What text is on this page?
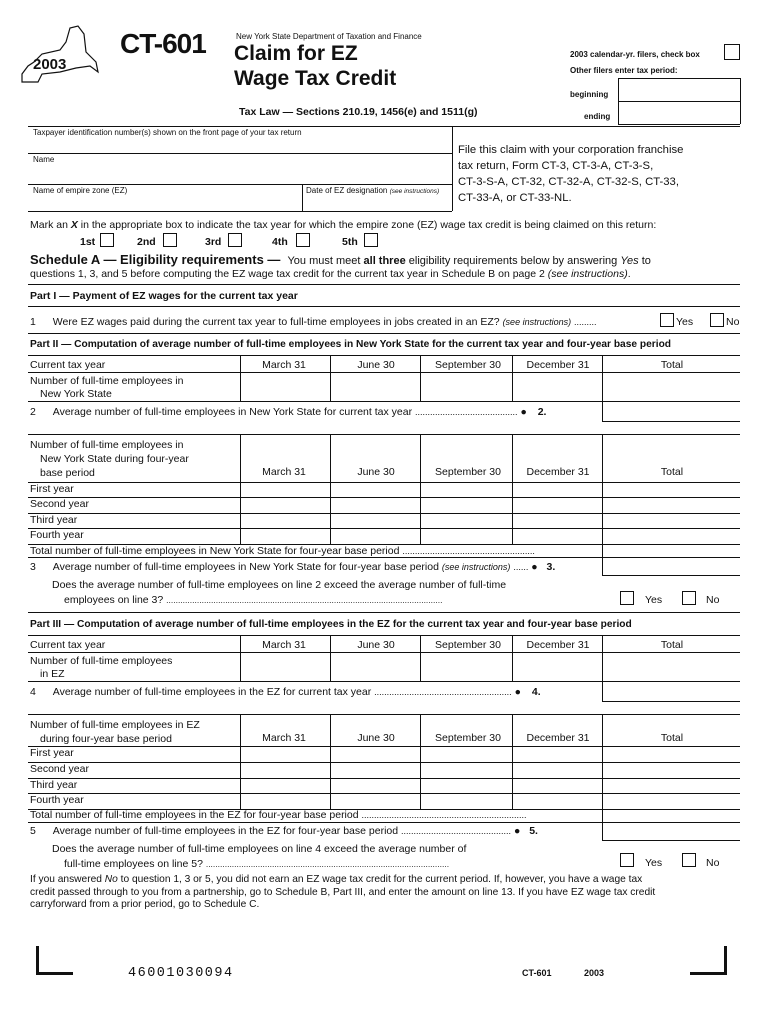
2003
CT-601	New York State Department of Taxation and Finance
Claim for EZ
Wage Tax Credit
Tax Law — Sections 210.19, 1456(e) and 1511(g)
2003 calendar-yr. filers, check box
Other filers enter tax period:
beginning
ending
Taxpayer identification number(s) shown on the front page of your tax return
Name
Name of empire zone (EZ)	Date of EZ designation (see instructions)
File this claim with your corporation franchise
tax return, Form CT-3, CT-3-A, CT-3-S,
CT-3-S-A, CT-32, CT-32-A, CT-32-S, CT-33,
CT-33-A, or CT-33-NL.
Mark an X in the appropriate box to indicate the tax year for which the empire zone (EZ) wage tax credit is being claimed on this return:
1st	2nd	3rd	4th	5th
Schedule A — Eligibility requirements — You must meet all three eligibility requirements below by answering Yes to
questions 1, 3, and 5 before computing the EZ wage tax credit for the current tax year in Schedule B on page 2 (see instructions).
Part I — Payment of EZ wages for the current tax year
1 Were EZ wages paid during the current tax year to full-time employees in jobs created in an EZ? (see instructions) .........	Yes	No
Part II — Computation of average number of full-time employees in New York State for the current tax year and four-year base period
Current tax year	March 31	June 30	September 30	December 31	Total
Number of full-time employees in
New York State
2 Average number of full-time employees in New York State for current tax year ......................................... ● 2.
Number of full-time employees in
New York State during four-year
base period	March 31	June 30	September 30	December 31	Total
First year
Second year
Third year
Fourth year
Total number of full-time employees in New York State for four-year base period .....................................................
3 Average number of full-time employees in New York State for four-year base period (see instructions) ...... ● 3.
Does the average number of full-time employees on line 2 exceed the average number of full-time
employees on line 3? .....................................................................................................................	Yes	No
Part III — Computation of average number of full-time employees in the EZ for the current tax year and four-year base period
Current tax year	March 31	June 30	September 30	December 31	Total
Number of full-time employees
in EZ
4 Average number of full-time employees in the EZ for current tax year ....................................................... ● 4.
Number of full-time employees in EZ
during four-year base period	March 31	June 30	September 30	December 31	Total
First year
Second year
Third year
Fourth year
Total number of full-time employees in the EZ for four-year base period ..................................................................
5 Average number of full-time employees in the EZ for four-year base period ............................................ ● 5.
Does the average number of full-time employees on line 4 exceed the average number of
full-time employees on line 5? .......................................................................................................	Yes	No
If you answered No to question 1, 3 or 5, you did not earn an EZ wage tax credit for the current period. If, however, you have a wage tax
credit passed through to you from a partnership, go to Schedule B, Part III, and enter the amount on line 13. If you have EZ wage tax credit
carryforward from a prior period, go to Schedule C.
46001030094	CT-601	2003
